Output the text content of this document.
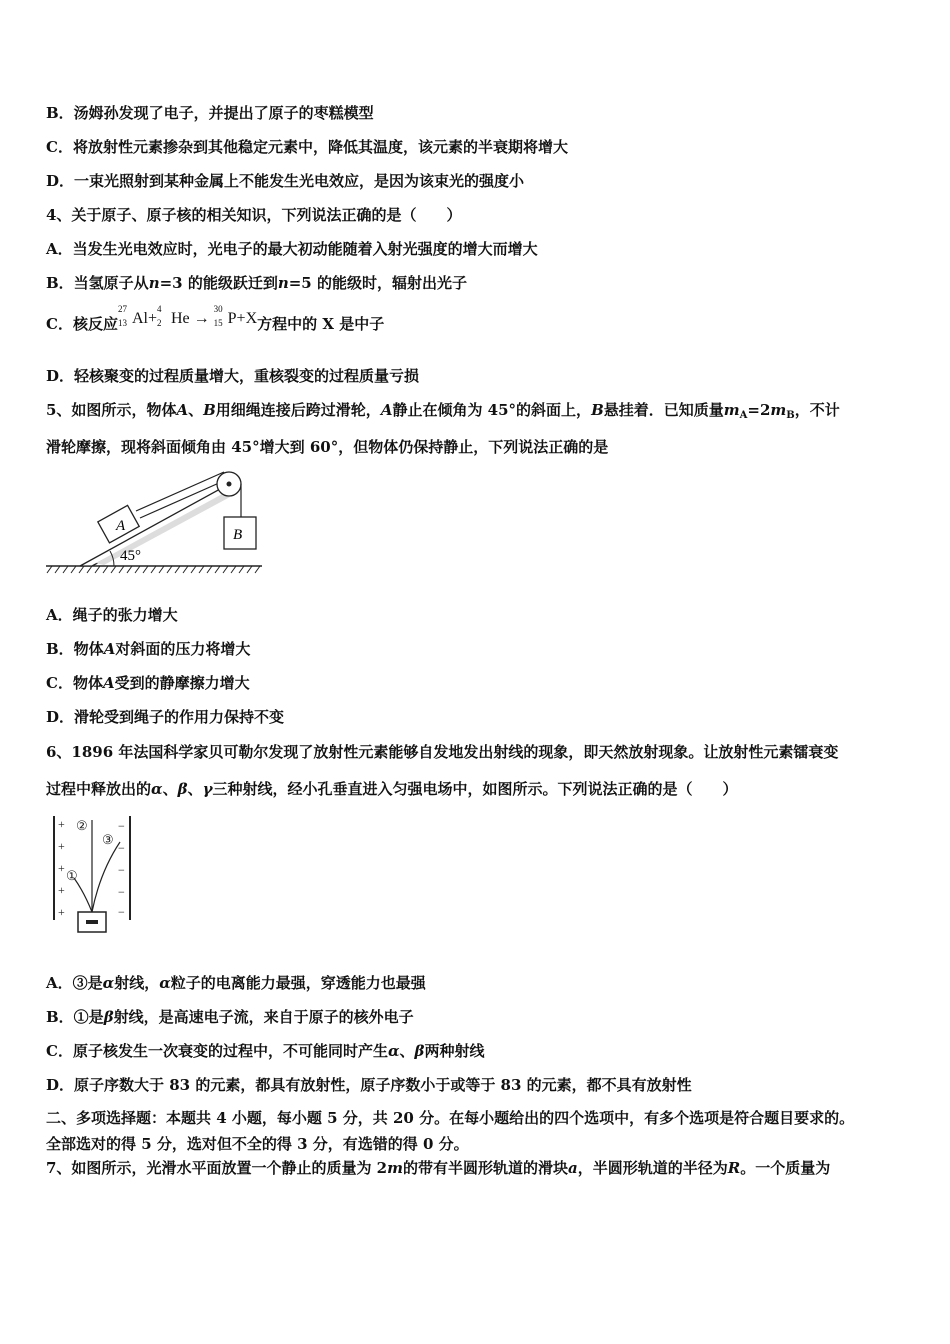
B．汤姆孙发现了电子，并提出了原子的枣糕模型
C．将放射性元素掺杂到其他稳定元素中，降低其温度，该元素的半衰期将增大
D．一束光照射到某种金属上不能发生光电效应，是因为该束光的强度小
4、关于原子、原子核的相关知识，下列说法正确的是（　　）
A．当发生光电效应时，光电子的最大初动能随着入射光强度的增大而增大
B．当氢原子从n=3 的能级跃迁到n=5 的能级时，辐射出光子
C．核反应
27
13 Al+
4
2 He →
30
15 P+X方程中的 X 是中子
D．轻核聚变的过程质量增大，重核裂变的过程质量亏损
5、如图所示，物体A、B用细绳连接后跨过滑轮，A静止在倾角为 45°的斜面上，B悬挂着．已知质量$m_A=2m_B$，不计
滑轮摩擦，现将斜面倾角由 45°增大到 60°，但物体仍保持静止，下列说法正确的是
A
B
45°
A．绳子的张力增大
B．物体A对斜面的压力将增大
C．物体A受到的静摩擦力增大
D．滑轮受到绳子的作用力保持不变
6、1896 年法国科学家贝可勒尔发现了放射性元素能够自发地发出射线的现象，即天然放射现象。让放射性元素镭衰变
过程中释放出的α、β、γ三种射线，经小孔垂直进入匀强电场中，如图所示。下列说法正确的是（　　）
+
+
+
+
+
−
−
−
−
−
①
②
③
A．③是α射线，α粒子的电离能力最强，穿透能力也最强
B．①是β射线，是高速电子流，来自于原子的核外电子
C．原子核发生一次衰变的过程中，不可能同时产生α、β两种射线
D．原子序数大于 83 的元素，都具有放射性，原子序数小于或等于 83 的元素，都不具有放射性
二、多项选择题：本题共 4 小题，每小题 5 分，共 20 分。在每小题给出的四个选项中，有多个选项是符合题目要求的。
全部选对的得 5 分，选对但不全的得 3 分，有选错的得 0 分。
7、如图所示，光滑水平面放置一个静止的质量为 2m的带有半圆形轨道的滑块a，半圆形轨道的半径为R。一个质量为
